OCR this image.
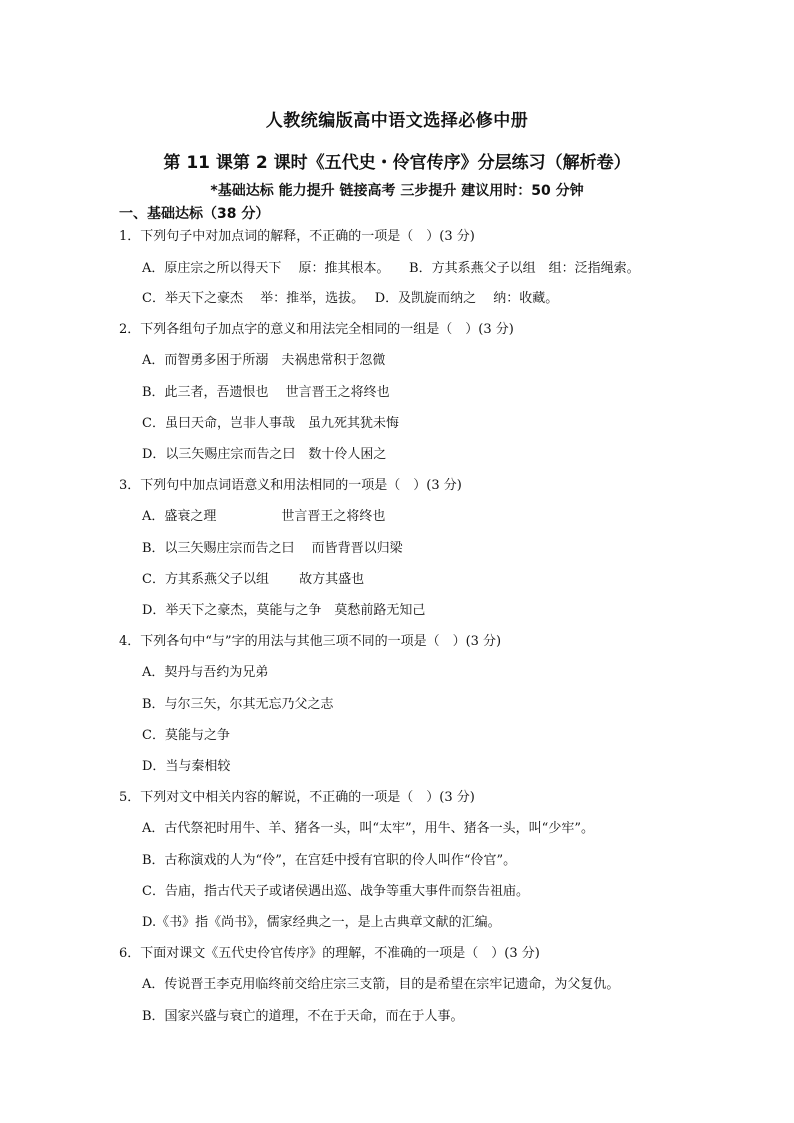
人教统编版高中语文选择必修中册
第 11 课第 2 课时《五代史・伶官传序》分层练习（解析卷）
*基础达标 能力提升 链接高考 三步提升 建议用时：50 分钟
一、基础达标（38 分）
1．下列句子中对加点词的解释，不正确的一项是（　）(3 分)
A．原庄宗之所以得天下　 原：推其根本。　　B．方其系燕父子以组　组：泛指绳索。
C．举天下之豪杰　 举：推举，选拔。　 D．及凯旋而纳之　 纳：收藏。
2．下列各组句子加点字的意义和用法完全相同的一组是（　）(3 分)
A．而智勇多困于所溺　夫祸患常积于忽微
B．此三者，吾遗恨也　 世言晋王之将终也
C．虽曰天命，岂非人事哉　虽九死其犹未悔
D．以三矢赐庄宗而告之曰　数十伶人困之
3．下列句中加点词语意义和用法相同的一项是（　）(3 分)
A．盛衰之理　　　　　世言晋王之将终也
B．以三矢赐庄宗而告之曰　 而皆背晋以归梁
C．方其系燕父子以组　　 故方其盛也
D．举天下之豪杰，莫能与之争　莫愁前路无知己
4．下列各句中“与”字的用法与其他三项不同的一项是（　）(3 分)
A．契丹与吾约为兄弟
B．与尔三矢，尔其无忘乃父之志
C．莫能与之争
D．当与秦相较
5．下列对文中相关内容的解说，不正确的一项是（　）(3 分)
A．古代祭祀时用牛、羊、猪各一头，叫“太牢”，用牛、猪各一头，叫“少牢”。
B．古称演戏的人为“伶”，在宫廷中授有官职的伶人叫作“伶官”。
C．告庙，指古代天子或诸侯遇出巡、战争等重大事件而祭告祖庙。
D.《书》指《尚书》，儒家经典之一，是上古典章文献的汇编。
6．下面对课文《五代史伶官传序》的理解，不准确的一项是（　）(3 分)
A．传说晋王李克用临终前交给庄宗三支箭，目的是希望在宗牢记遗命，为父复仇。
B．国家兴盛与衰亡的道理，不在于天命，而在于人事。
